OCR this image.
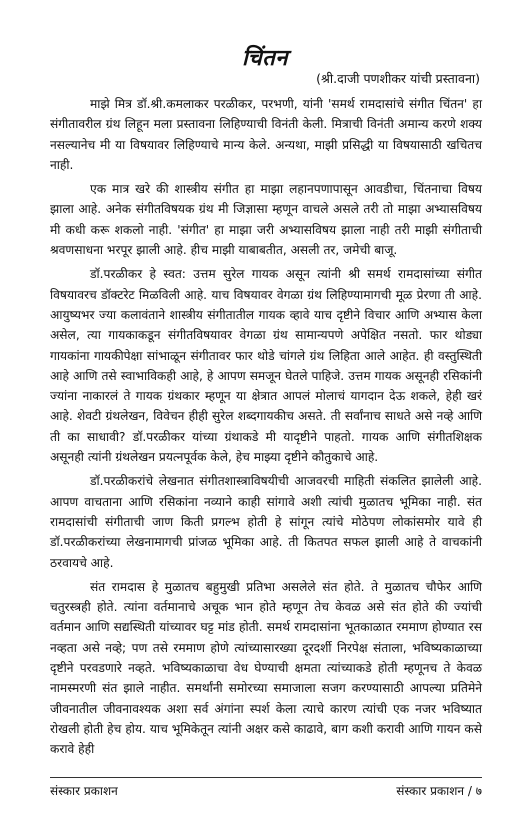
चिंतन
(श्री.दाजी पणशीकर यांची प्रस्तावना)

माझे मित्र डॉ.श्री.कमलाकर परळीकर, परभणी, यांनी 'समर्थ रामदासांचे संगीत चिंतन' हा संगीतावरील ग्रंथ लिहून मला प्रस्तावना लिहिण्याची विनंती केली. मित्राची विनंती अमान्य करणे शक्य नसल्यानेच मी या विषयावर लिहिण्याचे मान्य केले. अन्यथा, माझी प्रसिद्धी या विषयासाठी खचितच नाही.

एक मात्र खरे की शास्त्रीय संगीत हा माझा लहानपणापासून आवडीचा, चिंतनाचा विषय झाला आहे. अनेक संगीतविषयक ग्रंथ मी जिज्ञासा म्हणून वाचले असले तरी तो माझा अभ्यासविषय मी कधी करू शकलो नाही. 'संगीत' हा माझा जरी अभ्यासविषय झाला नाही तरी माझी संगीताची श्रवणसाधना भरपूर झाली आहे. हीच माझी याबाबतीत, असली तर, जमेची बाजू.

डॉ.परळीकर हे स्वत: उत्तम सुरेल गायक असून त्यांनी श्री समर्थ रामदासांच्या संगीत विषयावरच डॉक्टरेट मिळविली आहे. याच विषयावर वेगळा ग्रंथ लिहिण्यामागची मूळ प्रेरणा ती आहे. आयुष्यभर ज्या कलावंताने शास्त्रीय संगीतातील गायक व्हावे याच दृष्टीने विचार आणि अभ्यास केला असेल, त्या गायकाकडून संगीतविषयावर वेगळा ग्रंथ सामान्यपणे अपेक्षित नसतो. फार थोड्या गायकांना गायकीपेक्षा सांभाळून संगीतावर फार थोडे चांगले ग्रंथ लिहिता आले आहेत. ही वस्तुस्थिती आहे आणि तसे स्वाभाविकही आहे, हे आपण समजून घेतले पाहिजे. उत्तम गायक असूनही रसिकांनी ज्यांना नाकारलं ते गायक ग्रंथकार म्हणून या क्षेत्रात आपलं मोलाचं यागदान देऊ शकले, हेही खरं आहे. शेवटी ग्रंथलेखन, विवेचन हीही सुरेल शब्दगायकीच असते. ती सर्वांनाच साधते असे नव्हे आणि ती का साधावी? डॉ.परळीकर यांच्या ग्रंथाकडे मी यादृष्टीने पाहतो. गायक आणि संगीतशिक्षक असूनही त्यांनी ग्रंथलेखन प्रयत्नपूर्वक केले, हेच माझ्या दृष्टीने कौतुकाचे आहे.

डॉ.परळीकरांचे लेखनात संगीतशास्त्राविषयीची आजवरची माहिती संकलित झालेली आहे. आपण वाचताना आणि रसिकांना नव्याने काही सांगावे अशी त्यांची मुळातच भूमिका नाही. संत रामदासांची संगीताची जाण किती प्रगल्भ होती हे सांगून त्यांचे मोठेपण लोकांसमोर यावे ही डॉ.परळीकरांच्या लेखनामागची प्रांजळ भूमिका आहे. ती कितपत सफल झाली आहे ते वाचकांनी ठरवायचे आहे.

संत रामदास हे मुळातच बहुमुखी प्रतिभा असलेले संत होते. ते मुळातच चौफेर आणि चतुरस्त्रही होते. त्यांना वर्तमानाचे अचूक भान होते म्हणून तेच केवळ असे संत होते की ज्यांची वर्तमान आणि सद्यस्थिती यांच्यावर घट्ट मांड होती. समर्थ रामदासांना भूतकाळात रममाण होण्यात रस नव्हता असे नव्हे; पण तसे रममाण होणे त्यांच्यासारख्या दूरदर्शी निरपेक्ष संताला, भविष्यकाळाच्या दृष्टीने परवडणारे नव्हते. भविष्यकाळाचा वेध घेण्याची क्षमता त्यांच्याकडे होती म्हणूनच ते केवळ नामस्मरणी संत झाले नाहीत. समर्थांनी समोरच्या समाजाला सजग करण्यासाठी आपल्या प्रतिमेने जीवनातील जीवनावश्यक अशा सर्व अंगांना स्पर्श केला त्याचे कारण त्यांची एक नजर भविष्यात रोखली होती हेच होय. याच भूमिकेतून त्यांनी अक्षर कसे काढावे, बाग कशी करावी आणि गायन कसे करावे हेही

संस्कार प्रकाशन	संस्कार प्रकाशन / ७
